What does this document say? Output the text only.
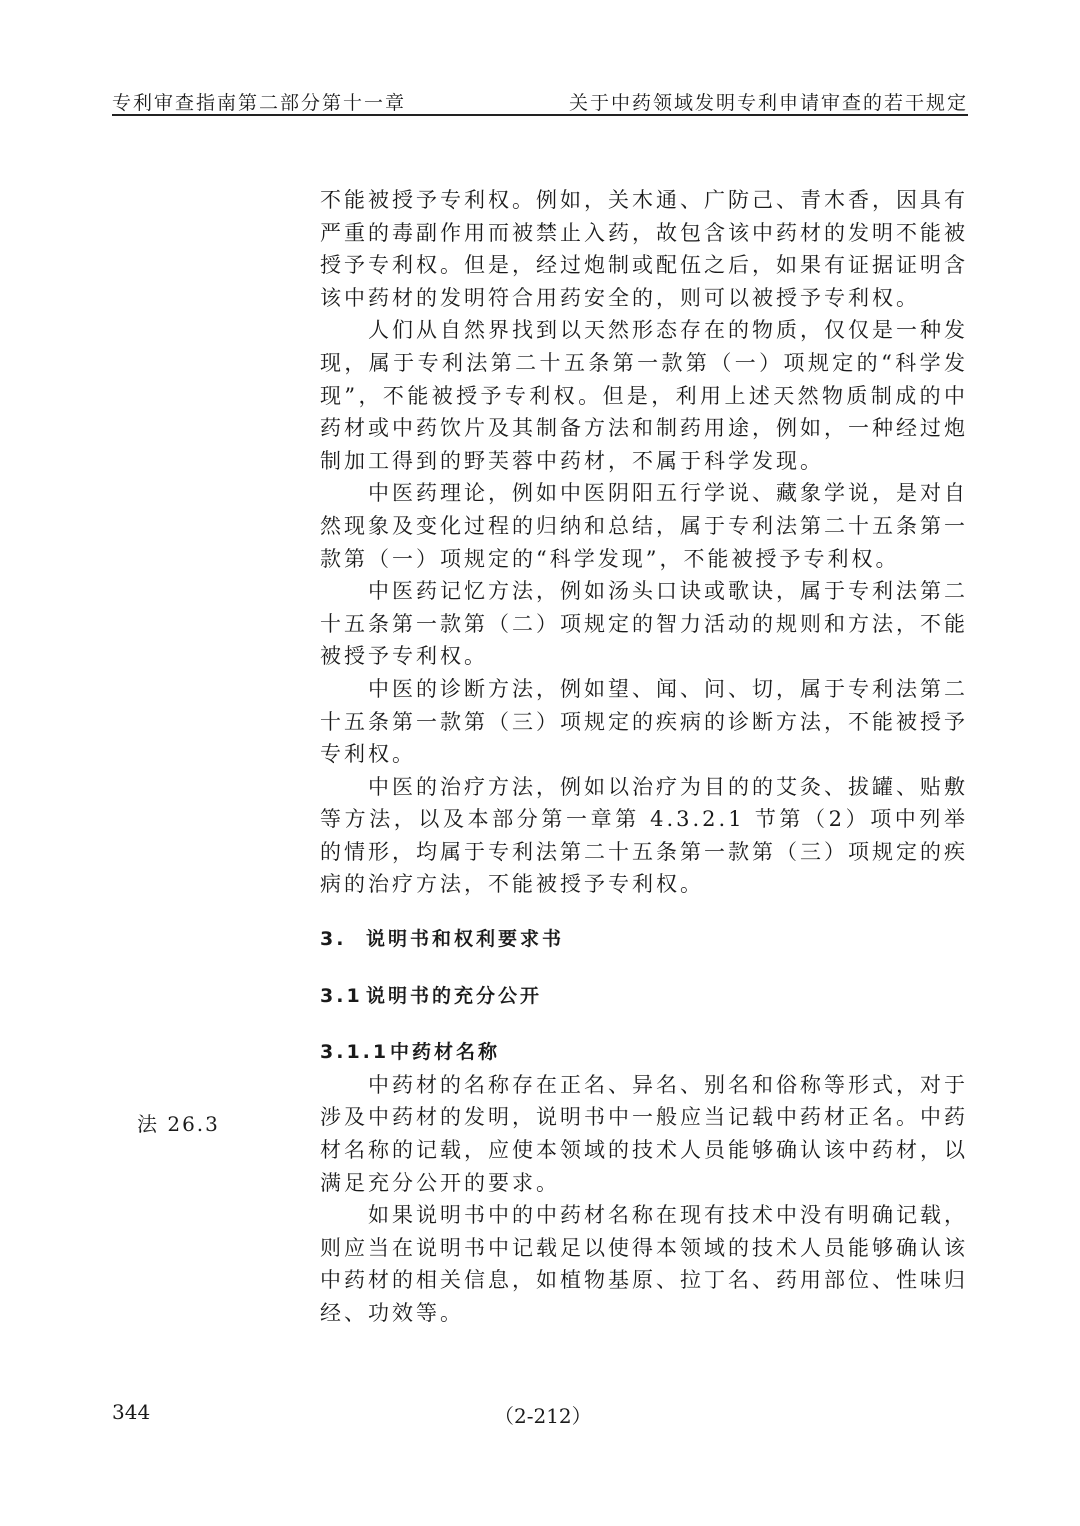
专利审查指南第二部分第十一章	关于中药领域发明专利申请审查的若干规定

不能被授予专利权。例如，关木通、广防己、青木香，因具有严重的毒副作用而被禁止入药，故包含该中药材的发明不能被授予专利权。但是，经过炮制或配伍之后，如果有证据证明含该中药材的发明符合用药安全的，则可以被授予专利权。

人们从自然界找到以天然形态存在的物质，仅仅是一种发现，属于专利法第二十五条第一款第（一）项规定的“科学发现”，不能被授予专利权。但是，利用上述天然物质制成的中药材或中药饮片及其制备方法和制药用途，例如，一种经过炮制加工得到的野芙蓉中药材，不属于科学发现。

中医药理论，例如中医阴阳五行学说、藏象学说，是对自然现象及变化过程的归纳和总结，属于专利法第二十五条第一款第（一）项规定的“科学发现”，不能被授予专利权。

中医药记忆方法，例如汤头口诀或歌诀，属于专利法第二十五条第一款第（二）项规定的智力活动的规则和方法，不能被授予专利权。

中医的诊断方法，例如望、闻、问、切，属于专利法第二十五条第一款第（三）项规定的疾病的诊断方法，不能被授予专利权。

中医的治疗方法，例如以治疗为目的的艾灸、拔罐、贴敷等方法，以及本部分第一章第 4.3.2.1 节第（2）项中列举的情形，均属于专利法第二十五条第一款第（三）项规定的疾病的治疗方法，不能被授予专利权。

3. 说明书和权利要求书
3.1 说明书的充分公开
3.1.1中药材名称

中药材的名称存在正名、异名、别名和俗称等形式，对于涉及中药材的发明，说明书中一般应当记载中药材正名。中药材名称的记载，应使本领域的技术人员能够确认该中药材，以满足充分公开的要求。

如果说明书中的中药材名称在现有技术中没有明确记载，则应当在说明书中记载足以使得本领域的技术人员能够确认该中药材的相关信息，如植物基原、拉丁名、药用部位、性味归经、功效等。

法 26.3
344	（2-212）
